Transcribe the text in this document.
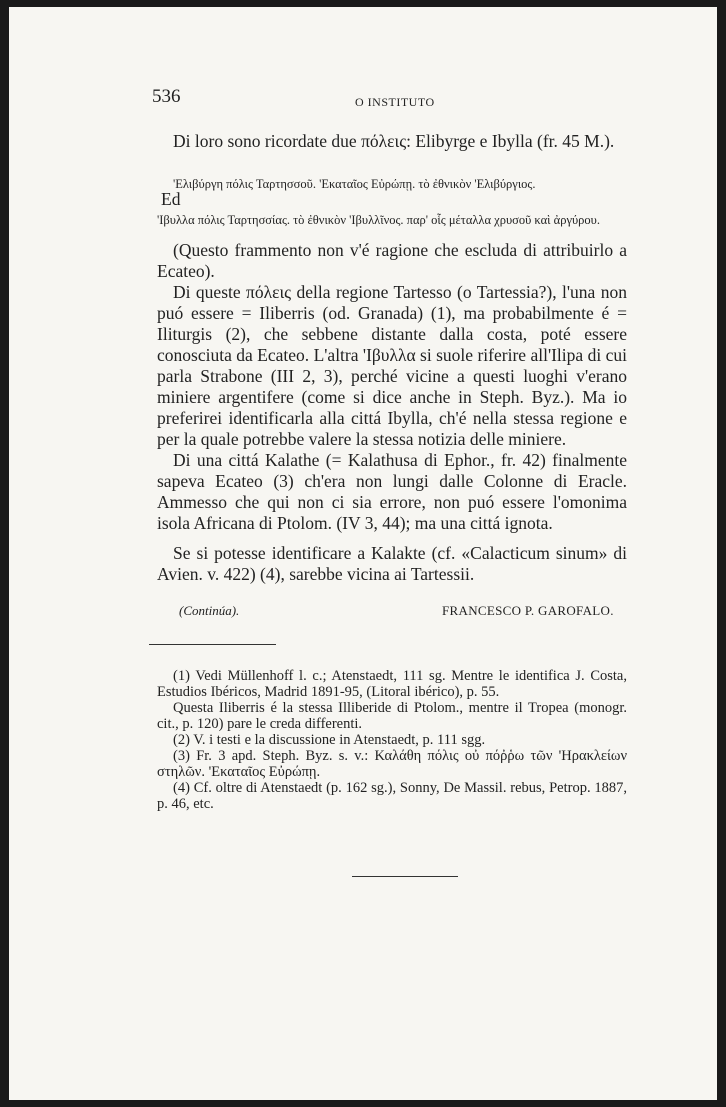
536	O INSTITUTO

Di loro sono ricordate due πόλεις: Elibyrge e Ibylla (fr. 45 M.).

'Ελιβύργη πόλις Ταρτησσοῦ. 'Εκαταῖος Εὐρώπῃ. τὸ ἐθνικὸν 'Ελιβύργιος.
Ed
'Ιβυλλα πόλις Ταρτησσίας. τὸ ἐθνικὸν 'Ιβυλλῖνος. παρ' οἷς μέταλλα χρυσοῦ καὶ ἀργύρου.

(Questo frammento non v'é ragione che escluda di attribuirlo a Ecateo).

Di queste πόλεις della regione Tartesso (o Tartessia?), l'una non puó essere = Iliberris (od. Granada) (1), ma probabilmente é = Iliturgis (2), che sebbene distante dalla costa, poté essere conosciuta da Ecateo. L'altra 'Ιβυλλα si suole riferire all'Ilipa di cui parla Strabone (III 2, 3), perché vicine a questi luoghi v'erano miniere argentifere (come si dice anche in Steph. Byz.). Ma io preferirei identificarla alla cittá Ibylla, ch'é nella stessa regione e per la quale potrebbe valere la stessa notizia delle miniere.

Di una cittá Kalathe (= Kalathusa di Ephor., fr. 42) finalmente sapeva Ecateo (3) ch'era non lungi dalle Colonne di Eracle. Ammesso che qui non ci sia errore, non puó essere l'omonima isola Africana di Ptolom. (IV 3, 44); ma una cittá ignota.

Se si potesse identificare a Kalakte (cf. «Calacticum sinum» di Avien. v. 422) (4), sarebbe vicina ai Tartessii.

(Continúa).	FRANCESCO P. GAROFALO.

(1) Vedi Müllenhoff l. c.; Atenstaedt, 111 sg. Mentre le identifica J. Costa, Estudios Ibéricos, Madrid 1891-95, (Litoral ibérico), p. 55.

Questa Iliberris é la stessa Illiberide di Ptolom., mentre il Tropea (monogr. cit., p. 120) pare le creda differenti.

(2) V. i testi e la discussione in Atenstaedt, p. 111 sgg.

(3) Fr. 3 apd. Steph. Byz. s. v.: Καλάθη πόλις οὐ πόῤῥω τῶν 'Ηρακλείων στηλῶν. 'Εκαταῖος Εὐρώπῃ.

(4) Cf. oltre di Atenstaedt (p. 162 sg.), Sonny, De Massil. rebus, Petrop. 1887, p. 46, etc.
